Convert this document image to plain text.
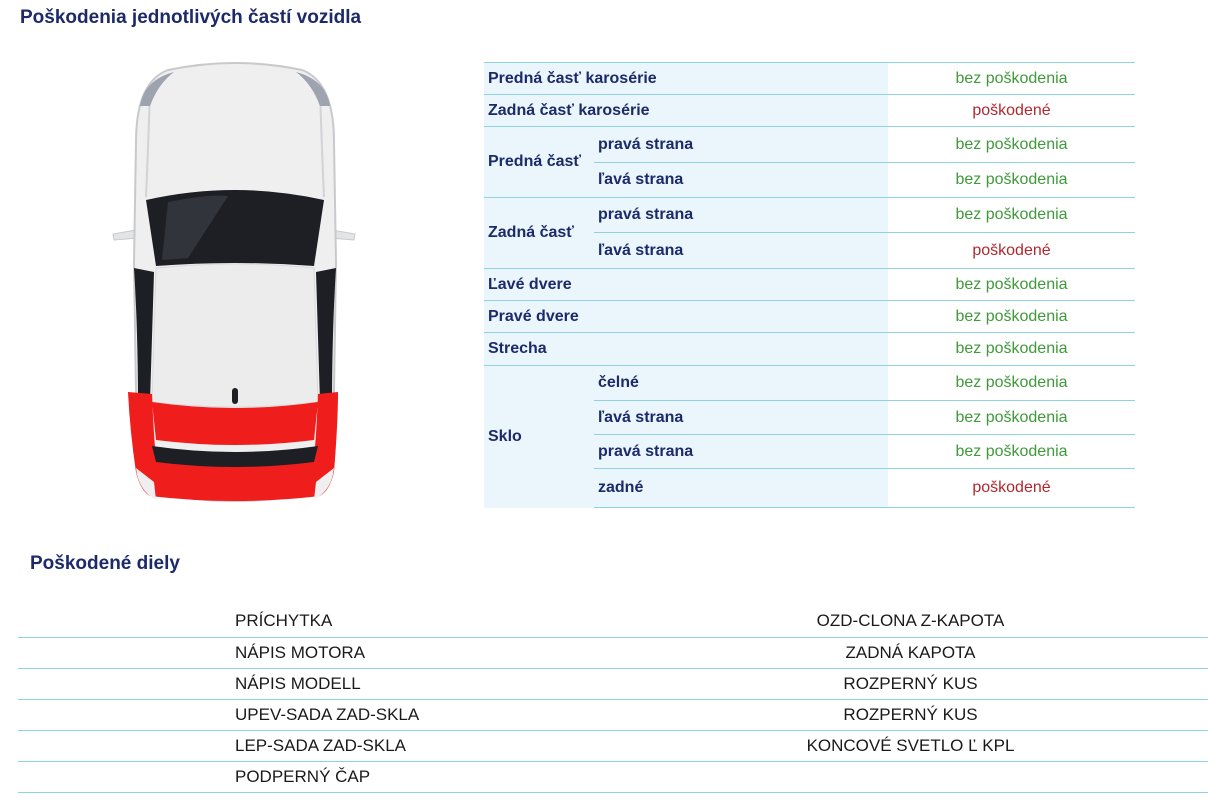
Poškodenia jednotlivých častí vozidla
Predná časť karosérie		bez poškodenia
Zadná časť karosérie		poškodené
Predná časť	pravá strana	bez poškodenia
	ľavá strana	bez poškodenia
Zadná časť	pravá strana	bez poškodenia
	ľavá strana	poškodené
Ľavé dvere		bez poškodenia
Pravé dvere		bez poškodenia
Strecha		bez poškodenia
Sklo	čelné	bez poškodenia
	ľavá strana	bez poškodenia
	pravá strana	bez poškodenia
	zadné	poškodené
Poškodené diely
PRÍCHYTKA	OZD-CLONA Z-KAPOTA
NÁPIS MOTORA	ZADNÁ KAPOTA
NÁPIS MODELL	ROZPERNÝ KUS
UPEV-SADA ZAD-SKLA	ROZPERNÝ KUS
LEP-SADA ZAD-SKLA	KONCOVÉ SVETLO Ľ KPL
PODPERNÝ ČAP	
